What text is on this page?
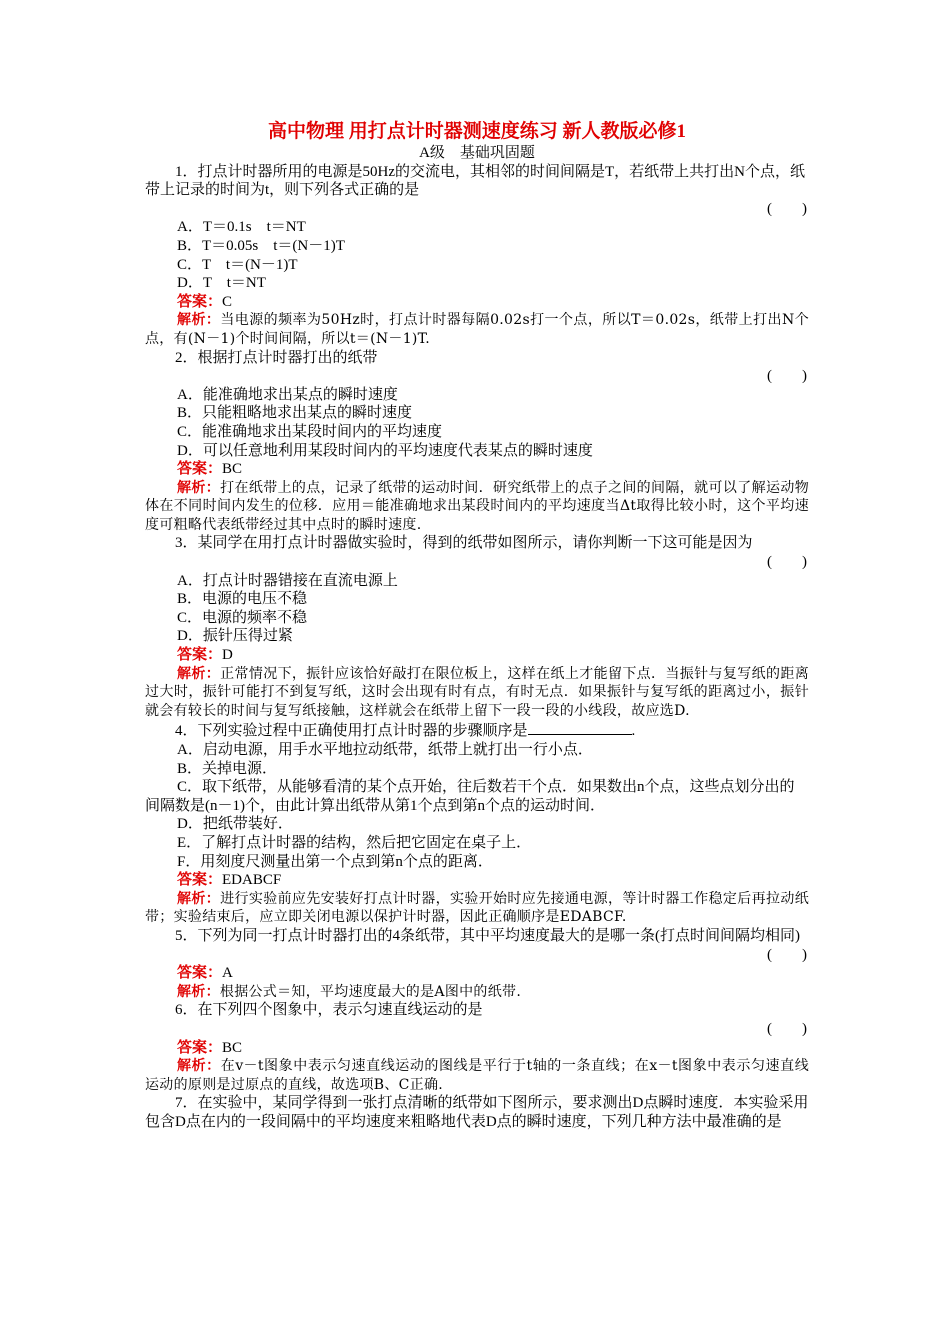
高中物理 用打点计时器测速度练习 新人教版必修1
A级　基础巩固题

1．打点计时器所用的电源是50Hz的交流电，其相邻的时间间隔是T，若纸带上共打出N个点，纸带上记录的时间为t，则下列各式正确的是

(　　)

A．T＝0.1s　t＝NT

B．T＝0.05s　t＝(N－1)T

C．T　t＝(N－1)T

D．T　t＝NT

答案：C

解析：当电源的频率为50Hz时，打点计时器每隔0.02s打一个点，所以T＝0.02s，纸带上打出N个点，有(N－1)个时间间隔，所以t＝(N－1)T.

2．根据打点计时器打出的纸带

(　　)

A．能准确地求出某点的瞬时速度

B．只能粗略地求出某点的瞬时速度

C．能准确地求出某段时间内的平均速度

D．可以任意地利用某段时间内的平均速度代表某点的瞬时速度

答案：BC

解析：打在纸带上的点，记录了纸带的运动时间．研究纸带上的点子之间的间隔，就可以了解运动物体在不同时间内发生的位移．应用＝能准确地求出某段时间内的平均速度当Δt取得比较小时，这个平均速度可粗略代表纸带经过其中点时的瞬时速度.

3．某同学在用打点计时器做实验时，得到的纸带如图所示，请你判断一下这可能是因为

(　　)

A．打点计时器错接在直流电源上

B．电源的电压不稳

C．电源的频率不稳

D．振针压得过紧

答案：D

解析：正常情况下，振针应该恰好敲打在限位板上，这样在纸上才能留下点．当振针与复写纸的距离过大时，振针可能打不到复写纸，这时会出现有时有点，有时无点．如果振针与复写纸的距离过小，振针就会有较长的时间与复写纸接触，这样就会在纸带上留下一段一段的小线段，故应选D.

4．下列实验过程中正确使用打点计时器的步骤顺序是	.

A．启动电源，用手水平地拉动纸带，纸带上就打出一行小点．

B．关掉电源．

C．取下纸带，从能够看清的某个点开始，往后数若干个点．如果数出n个点，这些点划分出的间隔数是(n－1)个，由此计算出纸带从第1个点到第n个点的运动时间．

D．把纸带装好．

E．了解打点计时器的结构，然后把它固定在桌子上．

F．用刻度尺测量出第一个点到第n个点的距离．

答案：EDABCF

解析：进行实验前应先安装好打点计时器，实验开始时应先接通电源，等计时器工作稳定后再拉动纸带；实验结束后，应立即关闭电源以保护计时器，因此正确顺序是EDABCF.

5．下列为同一打点计时器打出的4条纸带，其中平均速度最大的是哪一条(打点时间间隔均相同)

(　　)

答案：A

解析：根据公式＝知，平均速度最大的是A图中的纸带.

6．在下列四个图象中，表示匀速直线运动的是

(　　)

答案：BC

解析：在v－t图象中表示匀速直线运动的图线是平行于t轴的一条直线；在x－t图象中表示匀速直线运动的原则是过原点的直线，故选项B、C正确.

7．在实验中，某同学得到一张打点清晰的纸带如下图所示，要求测出D点瞬时速度．本实验采用包含D点在内的一段间隔中的平均速度来粗略地代表D点的瞬时速度，下列几种方法中最准确的是
